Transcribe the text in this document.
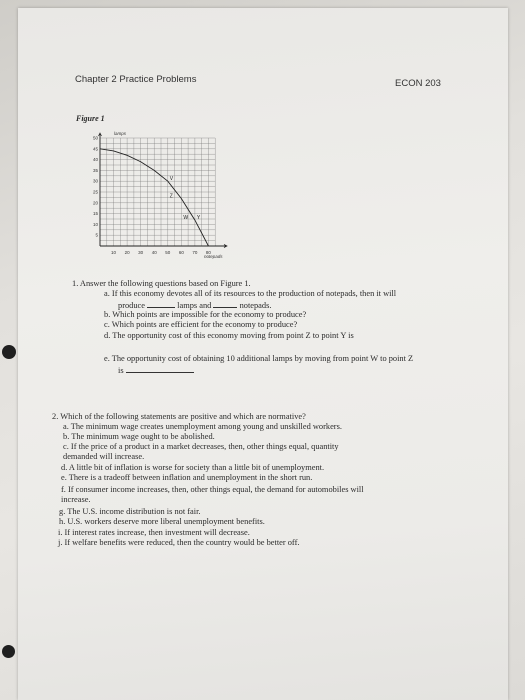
Chapter 2 Practice Problems	ECON 203
Figure 1
5
10
15
20
25
30
35
40
45
50
10 20 30 40 50 60 70 80
lamps
notepads
V
Z
W Y
1. Answer the following questions based on Figure 1.
a. If this economy devotes all of its resources to the production of notepads, then it will
produce	lamps and	notepads.
b. Which points are impossible for the economy to produce?
c. Which points are efficient for the economy to produce?
d. The opportunity cost of this economy moving from point Z to point Y is
e. The opportunity cost of obtaining 10 additional lamps by moving from point W to point Z
is
2. Which of the following statements are positive and which are normative?
a. The minimum wage creates unemployment among young and unskilled workers.
b. The minimum wage ought to be abolished.
c. If the price of a product in a market decreases, then, other things equal, quantity
demanded will increase.
d. A little bit of inflation is worse for society than a little bit of unemployment.
e. There is a tradeoff between inflation and unemployment in the short run.
f. If consumer income increases, then, other things equal, the demand for automobiles will
increase.
g. The U.S. income distribution is not fair.
h. U.S. workers deserve more liberal unemployment benefits.
i. If interest rates increase, then investment will decrease.
j. If welfare benefits were reduced, then the country would be better off.
